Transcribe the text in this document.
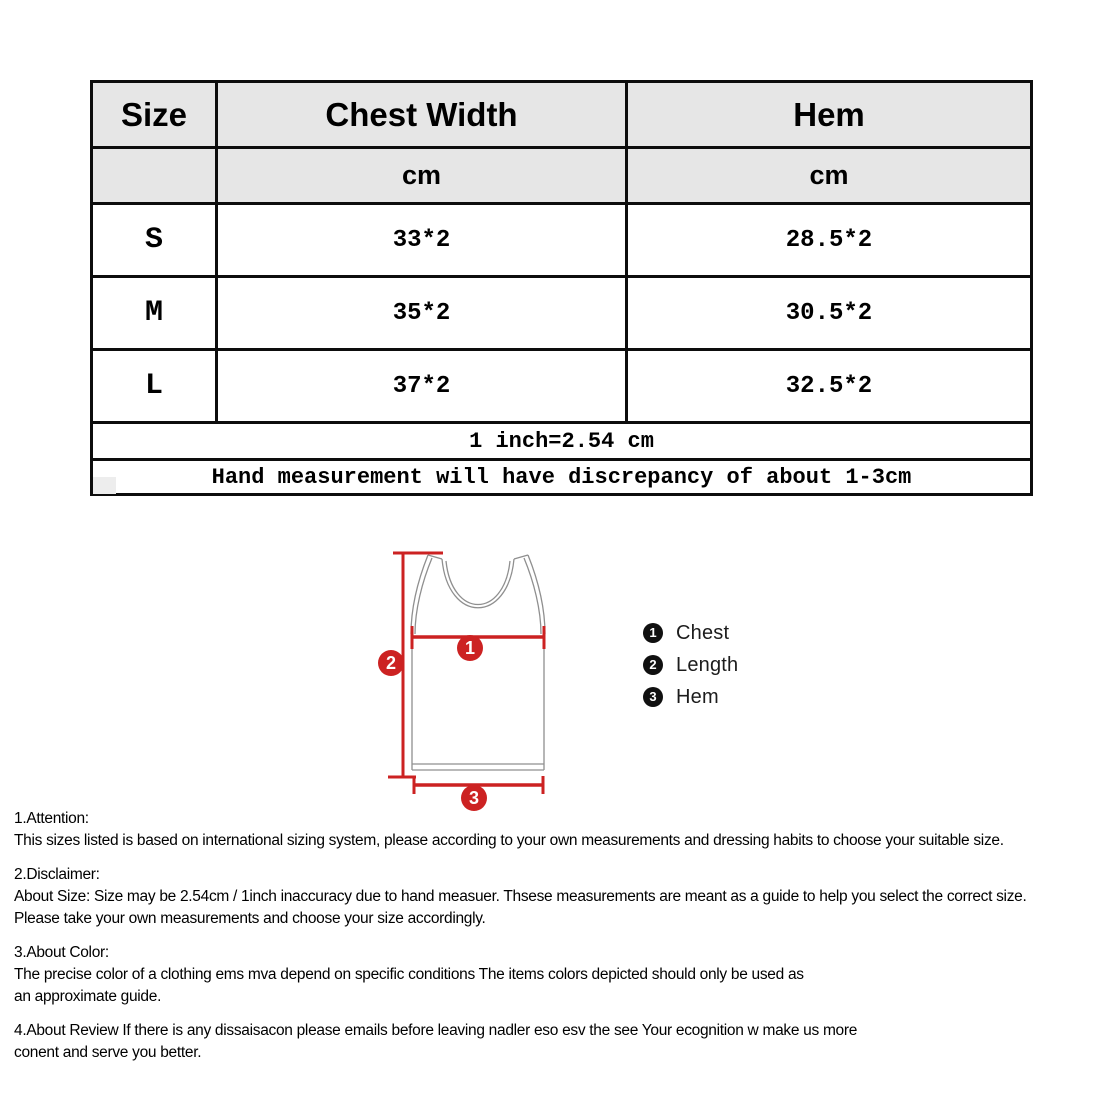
Size	Chest Width	Hem
	cm	cm
S	33*2	28.5*2
M	35*2	30.5*2
L	37*2	32.5*2
1 inch=2.54 cm		
Hand measurement will have discrepancy of about 1-3cm		
2
1
3
1 Chest
2 Length
3 Hem
1.Attention:
This sizes listed is based on international sizing system, please according to your own measurements and dressing habits to choose your suitable size.
2.Disclaimer:
About Size: Size may be 2.54cm / 1inch inaccuracy due to hand measuer. Thsese measurements are meant as a guide to help you select the correct size.
Please take your own measurements and choose your size accordingly.
3.About Color:
The precise color of a clothing ems mva depend on specific conditions The items colors depicted should only be used as
an approximate guide.
4.About Review If there is any dissaisacon please emails before leaving nadler eso esv the see Your ecognition w make us more
conent and serve you better.
